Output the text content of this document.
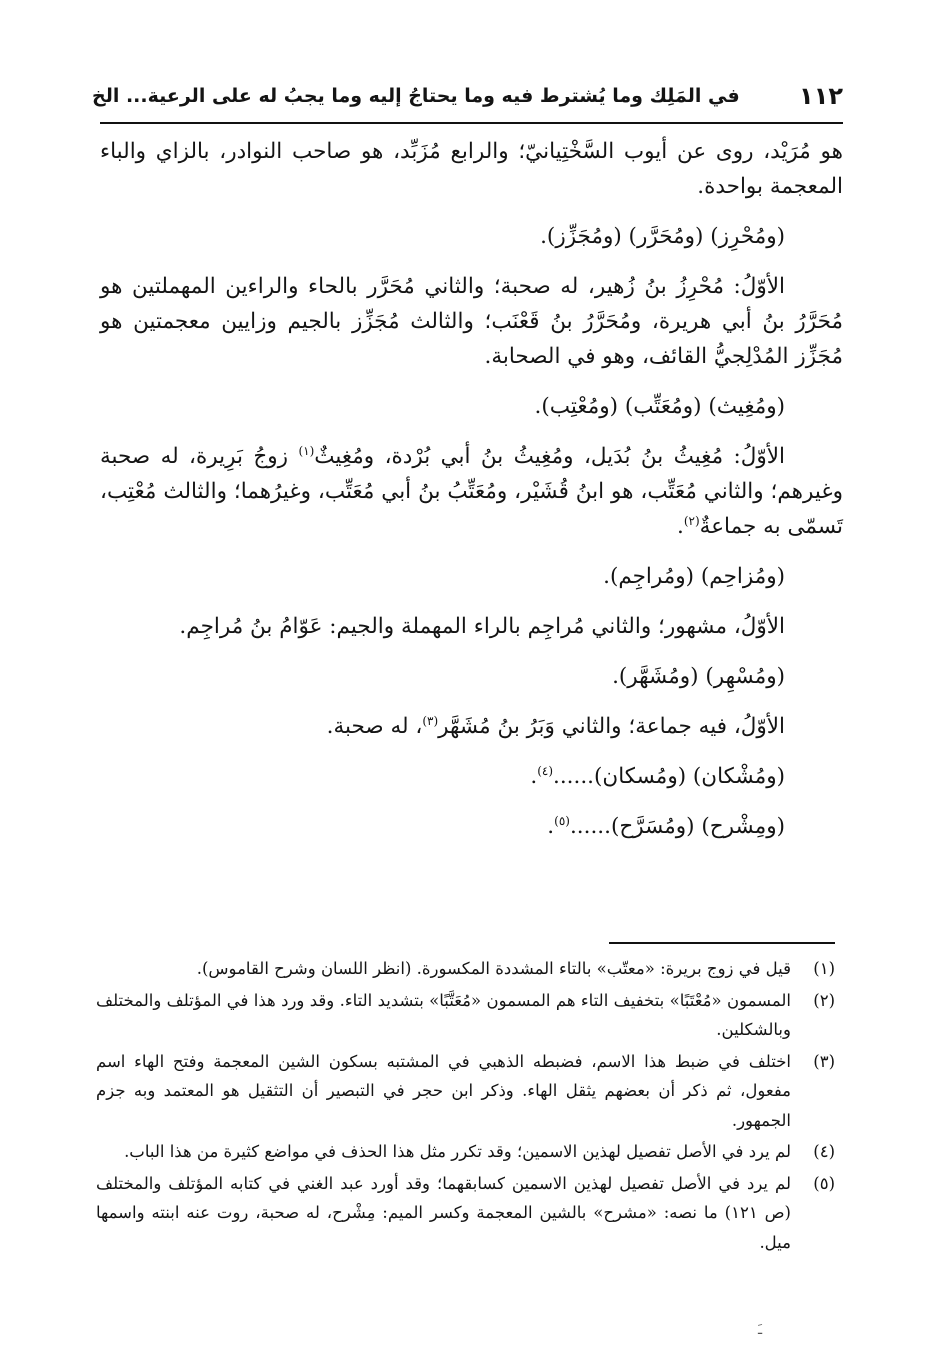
١١٢
في المَلِك وما يُشترط فيه وما يحتاجُ إليه وما يجبُ له على الرعية... الخ

هو مُرَيْد، روى عن أيوب السَّخْتِيانيّ؛ والرابع مُزَبِّد، هو صاحب النوادر، بالزاي والباء المعجمة بواحدة.

(ومُحْرِز) (ومُحَرَّر) (ومُجَزِّز).

الأوّلُ: مُحْرِزُ بنُ زُهير، له صحبة؛ والثاني مُحَرَّر بالحاء والراءين المهملتين هو مُحَرَّرُ بنُ أبي هريرة، ومُحَرَّرُ بنُ قَعْنَب؛ والثالث مُجَزِّز بالجيم وزايين معجمتين هو مُجَزِّز المُدْلِجيُّ القائف، وهو في الصحابة.

(ومُغِيث) (ومُعَتِّب) (ومُعْتِب).

الأوّلُ: مُغِيثُ بنُ بُدَيل، ومُغِيثُ بنُ أبي بُرْدة، ومُغِيثٌ$^{(١)}$ زوجُ بَرِيرة، له صحبة وغيرهم؛ والثاني مُعَتِّب، هو ابنُ قُشَيْر، ومُعَتِّبُ بنُ أبي مُعَتِّب، وغيرُهما؛ والثالث مُعْتِب، تَسمّى به جماعةٌ$^{(٢)}$.

(ومُزاحِم) (ومُراجِم).

الأوّلُ، مشهور؛ والثاني مُراجِم بالراء المهملة والجيم: عَوّامُ بنُ مُراجِم.

(ومُسْهِر) (ومُشَهَّر).

الأوّلُ، فيه جماعة؛ والثاني وَبَرُ بنُ مُشَهَّر$^{(٣)}$، له صحبة.

(ومُشْكان) (ومُسكان)......$^{(٤)}$.

(ومِشْرح) (ومُسَرَّح)......$^{(٥)}$.

(١)
قيل في زوج بريرة: «معتّب» بالتاء المشددة المكسورة. (انظر اللسان وشرح القاموس).
(٢)
المسمون «مُعْتَبًا» بتخفيف التاء هم المسمون «مُعَتَّبًا» بتشديد التاء. وقد ورد هذا في المؤتلف والمختلف وبالشكلين.
(٣)
اختلف في ضبط هذا الاسم، فضبطه الذهبي في المشتبه بسكون الشين المعجمة وفتح الهاء اسم مفعول، ثم ذكر أن بعضهم يثقل الهاء. وذكر ابن حجر في التبصير أن التثقيل هو المعتمد وبه جزم الجمهور.
(٤)
لم يرد في الأصل تفصيل لهذين الاسمين؛ وقد تكرر مثل هذا الحذف في مواضع كثيرة من هذا الباب.
(٥)
لم يرد في الأصل تفصيل لهذين الاسمين كسابقهما؛ وقد أورد عبد الغني في كتابه المؤتلف والمختلف (ص ١٢١) ما نصه: «مشرح» بالشين المعجمة وكسر الميم: مِشْرح، له صحبة، روت عنه ابنته واسمها ميل.
ـَ
